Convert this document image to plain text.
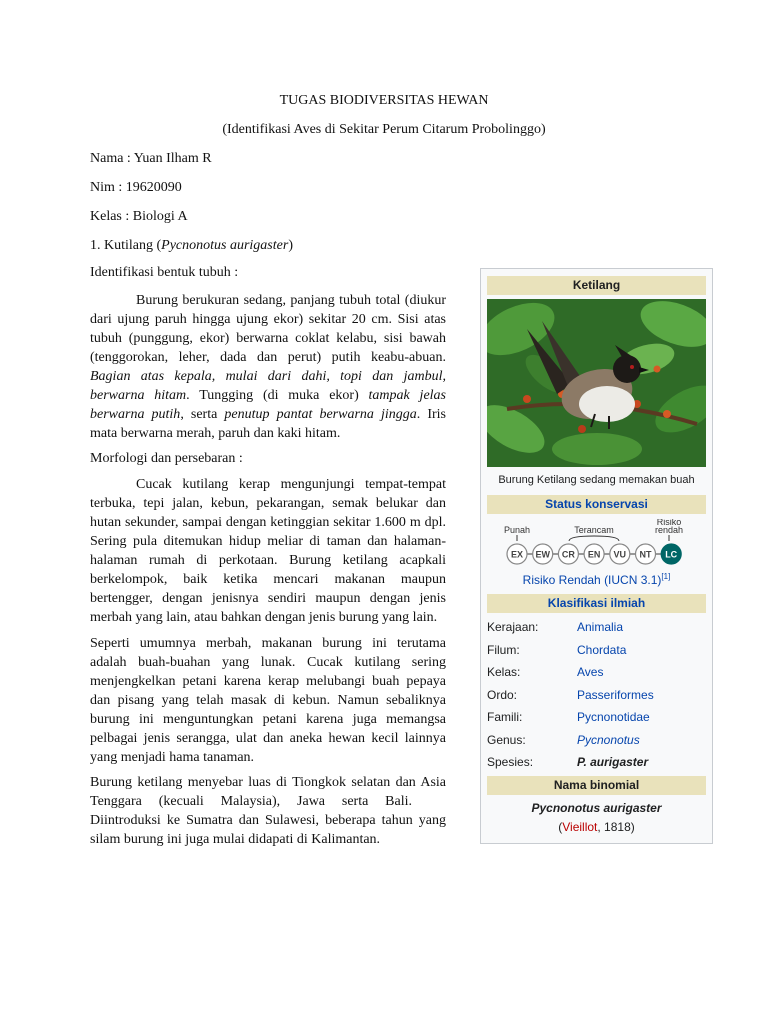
TUGAS BIODIVERSITAS HEWAN
(Identifikasi Aves di Sekitar Perum Citarum Probolinggo)
Nama : Yuan Ilham R
Nim : 19620090
Kelas : Biologi A
1. Kutilang (Pycnonotus aurigaster)
Identifikasi bentuk tubuh :

Burung berukuran sedang, panjang tubuh total (diukur dari ujung paruh hingga ujung ekor) sekitar 20 cm. Sisi atas tubuh (punggung, ekor) berwarna coklat kelabu, sisi bawah (tenggorokan, leher, dada dan perut) putih keabu-abuan. Bagian atas kepala, mulai dari dahi, topi dan jambul, berwarna hitam. Tungging (di muka ekor) tampak jelas berwarna putih, serta penutup pantat berwarna jingga. Iris mata berwarna merah, paruh dan kaki hitam.

Morfologi dan persebaran :

Cucak kutilang kerap mengunjungi tempat-tempat terbuka, tepi jalan, kebun, pekarangan, semak belukar dan hutan sekunder, sampai dengan ketinggian sekitar 1.600 m dpl. Sering pula ditemukan hidup meliar di taman dan halaman-halaman rumah di perkotaan. Burung ketilang acapkali berkelompok, baik ketika mencari makanan maupun bertengger, dengan jenisnya sendiri maupun dengan jenis merbah yang lain, atau bahkan dengan jenis burung yang lain.

Seperti umumnya merbah, makanan burung ini terutama adalah buah-buahan yang lunak. Cucak kutilang sering menjengkelkan petani karena kerap melubangi buah pepaya dan pisang yang telah masak di kebun. Namun sebaliknya burung ini menguntungkan petani karena juga memangsa pelbagai jenis serangga, ulat dan aneka hewan kecil lainnya yang menjadi hama tanaman.

Burung ketilang menyebar luas di Tiongkok selatan dan Asia Tenggara (kecuali Malaysia), Jawa serta Bali.Diintroduksi ke Sumatra dan Sulawesi, beberapa tahun yang silam burung ini juga mulai didapati di Kalimantan.

Ketilang
Burung Ketilang sedang memakan buah
Status konservasi
Punah	Terancam
Risiko
rendah
EX EW CR EN VU NT LC
Risiko Rendah (IUCN 3.1)[1]
Klasifikasi ilmiah
Kerajaan:	Animalia
Filum:	Chordata
Kelas:	Aves
Ordo:	Passeriformes
Famili:	Pycnonotidae
Genus:	Pycnonotus
Spesies:	P. aurigaster
Nama binomial
Pycnonotus aurigaster
(Vieillot, 1818)
